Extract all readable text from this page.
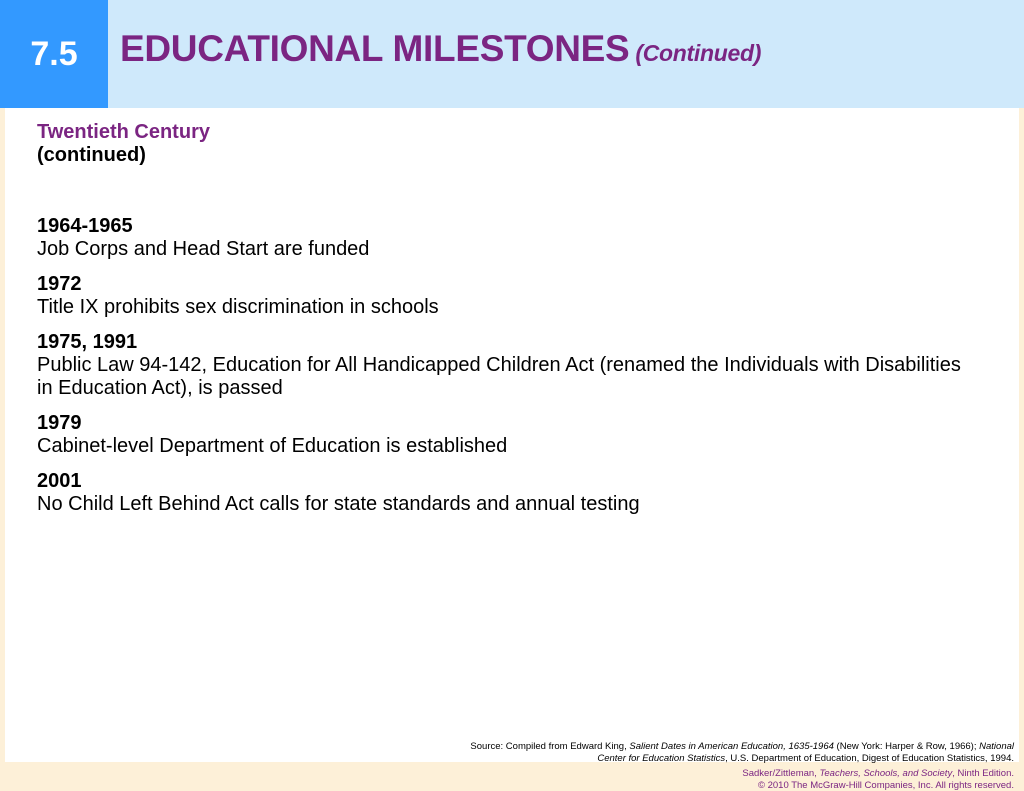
7.5	EDUCATIONAL MILESTONES (Continued)
Twentieth Century
(continued)
1964-1965
Job Corps and Head Start are funded
1972
Title IX prohibits sex discrimination in schools
1975, 1991
Public Law 94-142, Education for All Handicapped Children Act (renamed the Individuals with Disabilities in Education Act), is passed
1979
Cabinet-level Department of Education is established
2001
No Child Left Behind Act calls for state standards and annual testing
Source: Compiled from Edward King, Salient Dates in American Education, 1635-1964 (New York: Harper & Row, 1966); National Center for Education Statistics, U.S. Department of Education, Digest of Education Statistics, 1994.
Sadker/Zittleman, Teachers, Schools, and Society, Ninth Edition.
© 2010 The McGraw-Hill Companies, Inc. All rights reserved.
